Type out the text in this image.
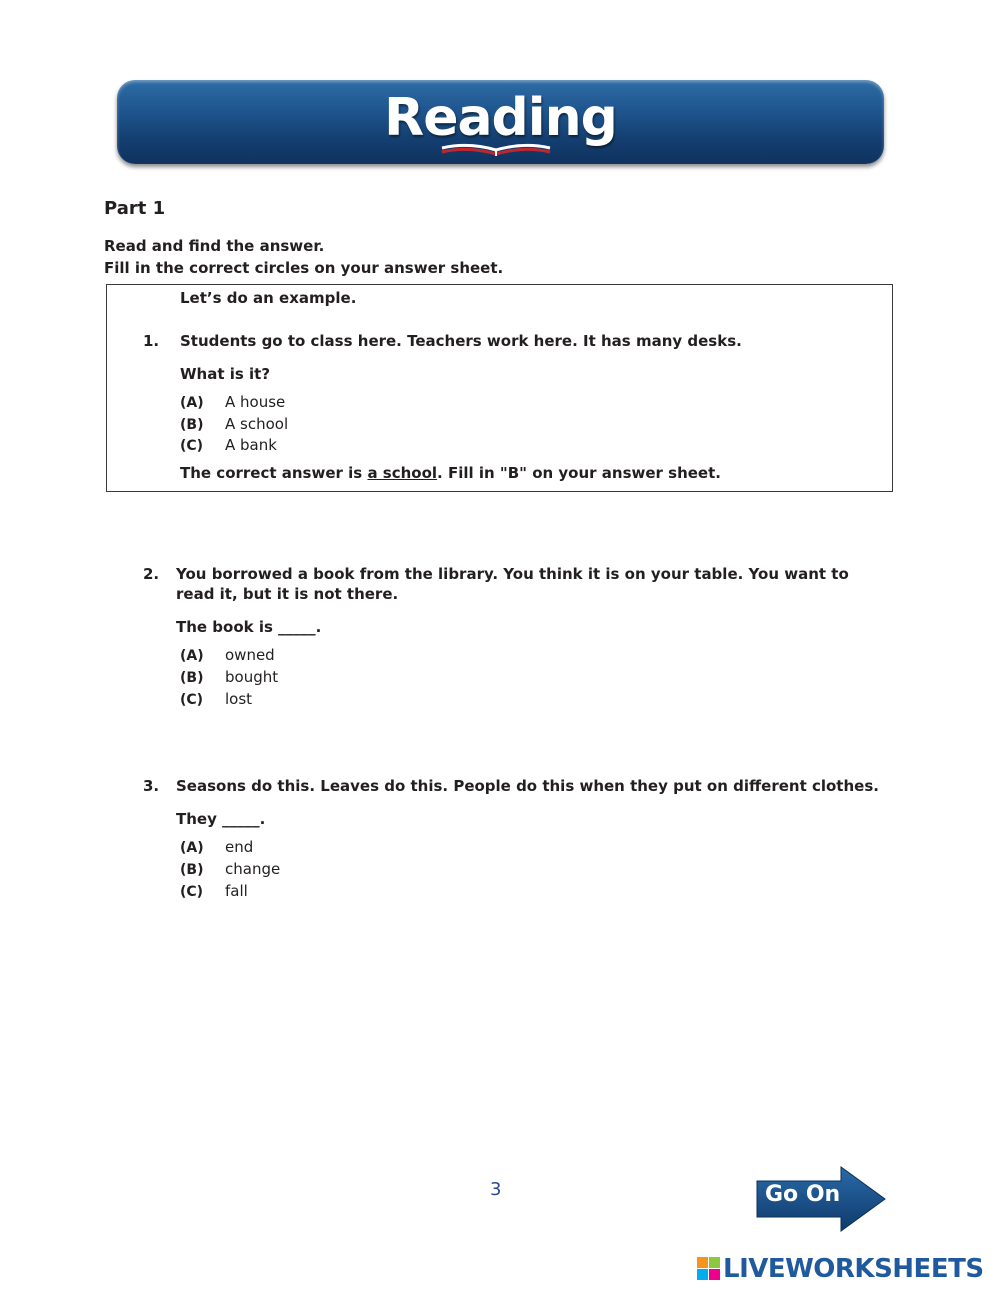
Reading
Part 1
Read and find the answer.
Fill in the correct circles on your answer sheet.
Let’s do an example.
1. Students go to class here. Teachers work here. It has many desks.
What is it?
(A) A house
(B) A school
(C) A bank
The correct answer is a school. Fill in "B" on your answer sheet.
2. You borrowed a book from the library. You think it is on your table. You want to
read it, but it is not there.
The book is _____.
(A) owned
(B) bought
(C) lost
3. Seasons do this. Leaves do this. People do this when they put on different clothes.
They _____.
(A) end
(B) change
(C) fall
3	Go On
LIVEWORKSHEETS
